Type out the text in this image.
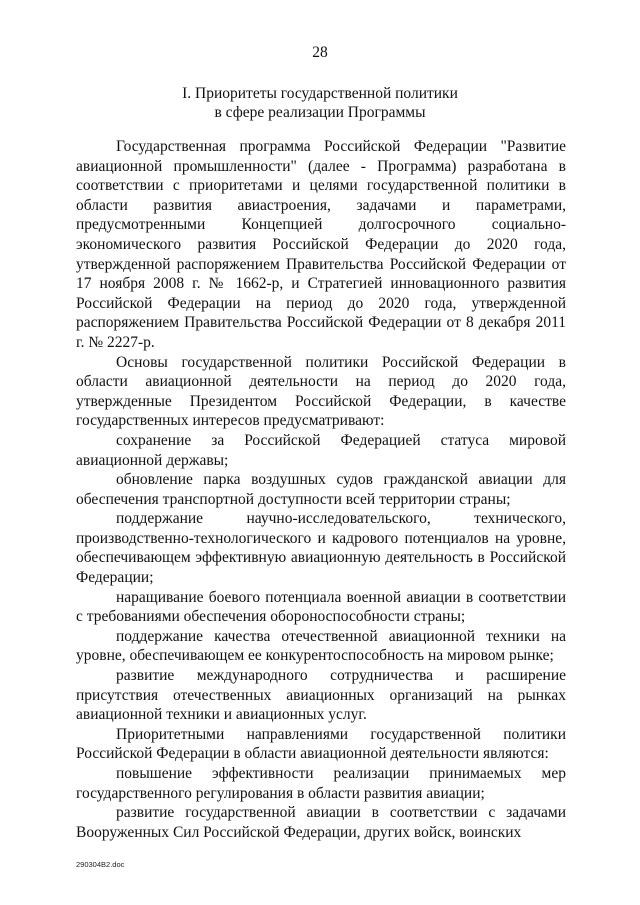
28
I. Приоритеты государственной политики
в сфере реализации Программы

Государственная программа Российской Федерации "Развитие авиационной промышленности" (далее - Программа) разработана в соответствии с приоритетами и целями государственной политики в области развития авиастроения, задачами и параметрами, предусмотренными Концепцией долгосрочного социально-экономического развития Российской Федерации до 2020 года, утвержденной распоряжением Правительства Российской Федерации от 17 ноября 2008 г. № 1662-р, и Стратегией инновационного развития Российской Федерации на период до 2020 года, утвержденной распоряжением Правительства Российской Федерации от 8 декабря 2011 г. № 2227-р.

Основы государственной политики Российской Федерации в области авиационной деятельности на период до 2020 года, утвержденные Президентом Российской Федерации, в качестве государственных интересов предусматривают:

сохранение за Российской Федерацией статуса мировой авиационной державы;

обновление парка воздушных судов гражданской авиации для обеспечения транспортной доступности всей территории страны;

поддержание научно-исследовательского, технического, производственно-технологического и кадрового потенциалов на уровне, обеспечивающем эффективную авиационную деятельность в Российской Федерации;

наращивание боевого потенциала военной авиации в соответствии с требованиями обеспечения обороноспособности страны;

поддержание качества отечественной авиационной техники на уровне, обеспечивающем ее конкурентоспособность на мировом рынке;

развитие международного сотрудничества и расширение присутствия отечественных авиационных организаций на рынках авиационной техники и авиационных услуг.

Приоритетными направлениями государственной политики Российской Федерации в области авиационной деятельности являются:

повышение эффективности реализации принимаемых мер государственного регулирования в области развития авиации;

развитие государственной авиации в соответствии с задачами Вооруженных Сил Российской Федерации, других войск, воинских

290304B2.doc
